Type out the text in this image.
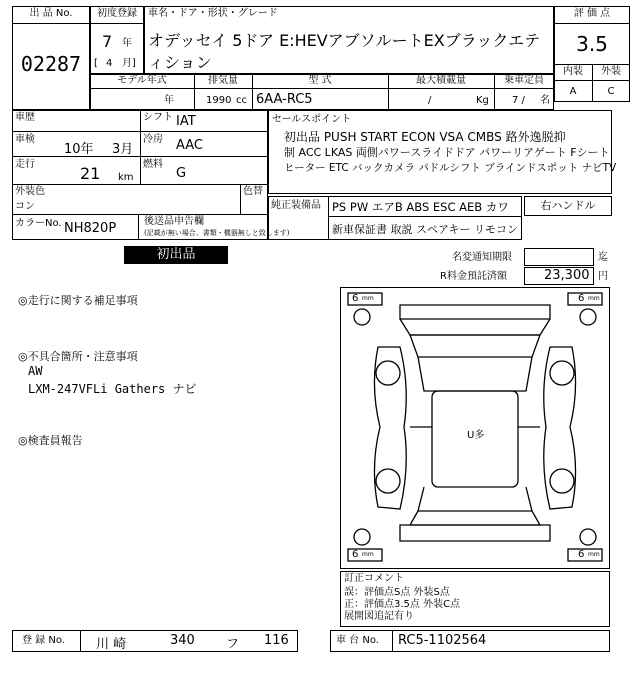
出 品 No.
02287
初度登録
7 年
[ 4 月]
車名・ドア・形状・グレード
オデッセイ 5ドア E:HEVアブソルートEXブラックエテ
ィション
評 価 点
3.5
内装	外装
A	C
モデル年式
年
排気量
1990 cc
型 式
6AA-RC5
最大積載量
/	Kg
乗車定員
7 / 名
車歴
車検
10年 3月
走行	21 km
シフト IAT
冷房 AAC
燃料
G
外装色
コン
色替
カラーNo. NH820P	後送品申告欄
(記載が無い場合、書類・機器無しと致します)
セールスポイント
初出品 PUSH START ECON VSA CMBS 路外逸脱抑
制 ACC LKAS 両側パワースライドドア パワーリアゲート Fシート
ヒーター ETC バックカメラ パドルシフト ブラインドスポット ナビTV
純正装備品 PS PW エアB ABS ESC AEB カワ
新車保証書 取説 スペアキー リモコン
右ハンドル
初出品	名変通知期限	迄
R料金預託済額	23,300 円
◎走行に関する補足事項
◎不具合箇所・注意事項
AW
LXM-247VFLi Gathers ナビ
◎検査員報告
6 mm	6 mm
6 mm	6 mm
U多
訂正コメント
誤：評価点S点 外装S点
正：評価点3.5点 外装C点
展開図追記有り
登 録 No. 川 崎	340 フ 116	車 台 No. RC5-1102564
